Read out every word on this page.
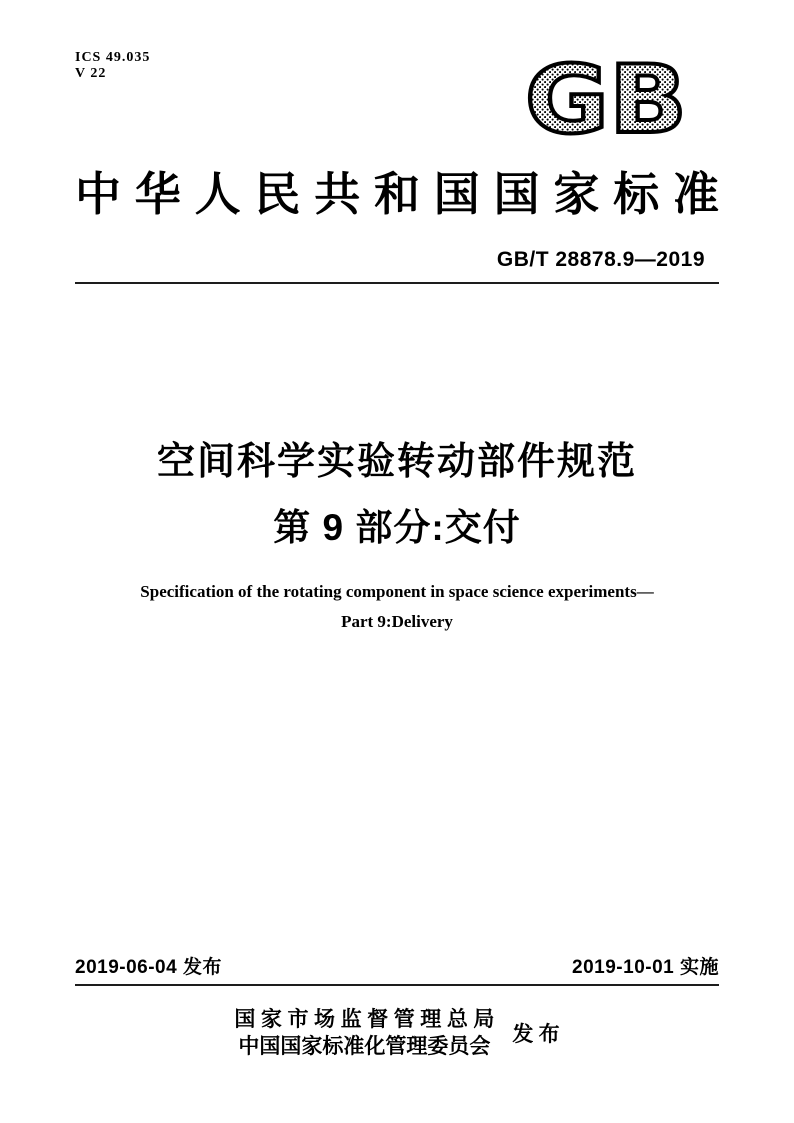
ICS 49.035
V 22	GB
中华人民共和国国家标准
GB/T 28878.9—2019
空间科学实验转动部件规范
第 9 部分:交付
Specification of the rotating component in space science experiments—
Part 9:Delivery
2019-06-04 发布	2019-10-01 实施
国家市场监督管理总局
中国国家标准化管理委员会 发 布
